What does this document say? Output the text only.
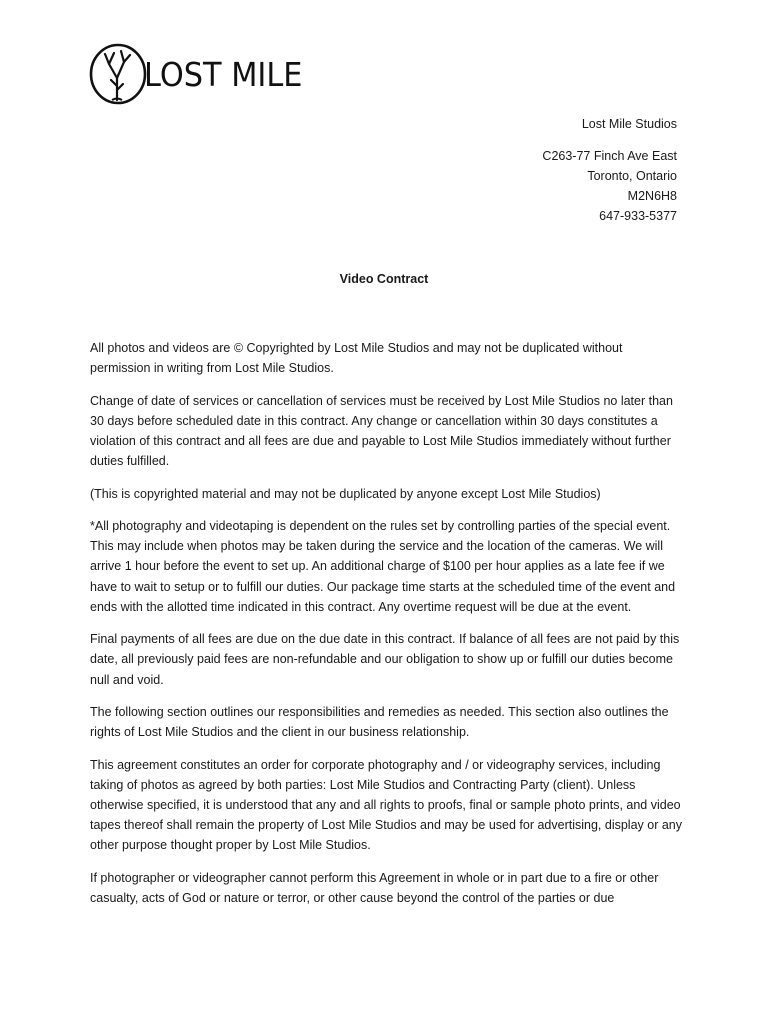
LOST MILE
Lost Mile Studios
C263-77 Finch Ave East
Toronto, Ontario
M2N6H8
647-933-5377
Video Contract

All photos and videos are © Copyrighted by Lost Mile Studios and may not be duplicated without permission in writing from Lost Mile Studios.

Change of date of services or cancellation of services must be received by Lost Mile Studios no later than 30 days before scheduled date in this contract. Any change or cancellation within 30 days constitutes a violation of this contract and all fees are due and payable to Lost Mile Studios immediately without further duties fulfilled.

(This is copyrighted material and may not be duplicated by anyone except Lost Mile Studios)

*All photography and videotaping is dependent on the rules set by controlling parties of the special event. This may include when photos may be taken during the service and the location of the cameras. We will arrive 1 hour before the event to set up. An additional charge of $100 per hour applies as a late fee if we have to wait to setup or to fulfill our duties. Our package time starts at the scheduled time of the event and ends with the allotted time indicated in this contract. Any overtime request will be due at the event.

Final payments of all fees are due on the due date in this contract. If balance of all fees are not paid by this date, all previously paid fees are non-refundable and our obligation to show up or fulfill our duties become null and void.

The following section outlines our responsibilities and remedies as needed. This section also outlines the rights of Lost Mile Studios and the client in our business relationship.

This agreement constitutes an order for corporate photography and / or videography services, including taking of photos as agreed by both parties: Lost Mile Studios and Contracting Party (client). Unless otherwise specified, it is understood that any and all rights to proofs, final or sample photo prints, and video tapes thereof shall remain the property of Lost Mile Studios and may be used for advertising, display or any other purpose thought proper by Lost Mile Studios.

If photographer or videographer cannot perform this Agreement in whole or in part due to a fire or other casualty, acts of God or nature or terror, or other cause beyond the control of the parties or due
